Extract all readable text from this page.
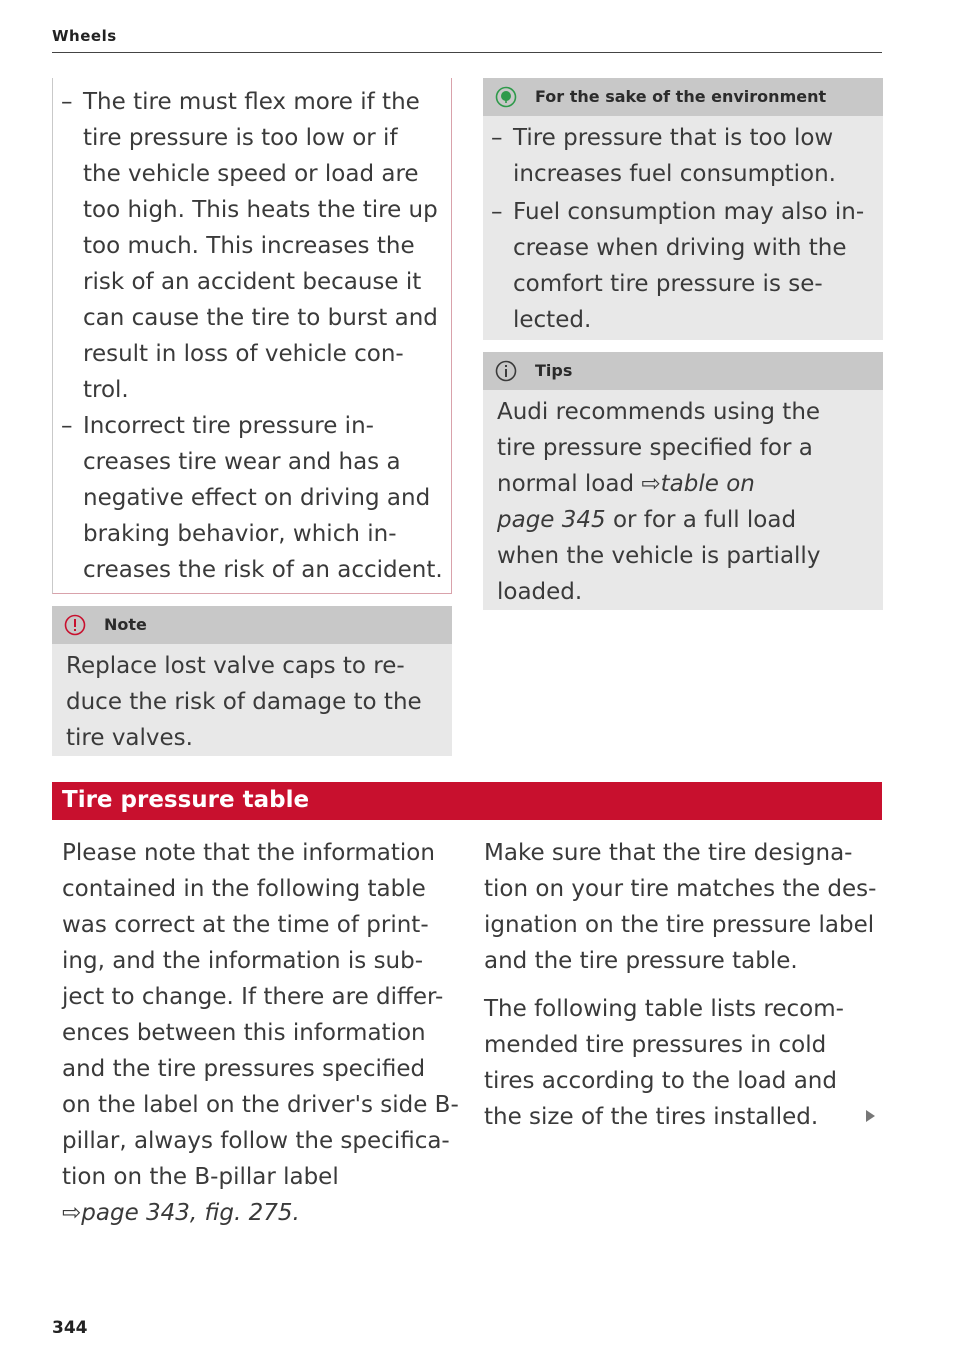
Wheels
– The tire must flex more if the
tire pressure is too low or if
the vehicle speed or load are
too high. This heats the tire up
too much. This increases the
risk of an accident because it
can cause the tire to burst and
result in loss of vehicle con-
trol.
– Incorrect tire pressure in-
creases tire wear and has a
negative effect on driving and
braking behavior, which in-
creases the risk of an accident.
Note
Replace lost valve caps to re-
duce the risk of damage to the
tire valves.
For the sake of the environment
– Tire pressure that is too low
increases fuel consumption.
– Fuel consumption may also in-
crease when driving with the
comfort tire pressure is se-
lected.
Tips
Audi recommends using the
tire pressure specified for a
normal load ⇨table on
page 345 or for a full load
when the vehicle is partially
loaded.
Tire pressure table
Please note that the information
contained in the following table
was correct at the time of print-
ing, and the information is sub-
ject to change. If there are differ-
ences between this information
and the tire pressures specified
on the label on the driver's side B-
pillar, always follow the specifica-
tion on the B-pillar label
⇨page 343, fig. 275.
Make sure that the tire designa-
tion on your tire matches the des-
ignation on the tire pressure label
and the tire pressure table.
The following table lists recom-
mended tire pressures in cold
tires according to the load and
the size of the tires installed.
344
